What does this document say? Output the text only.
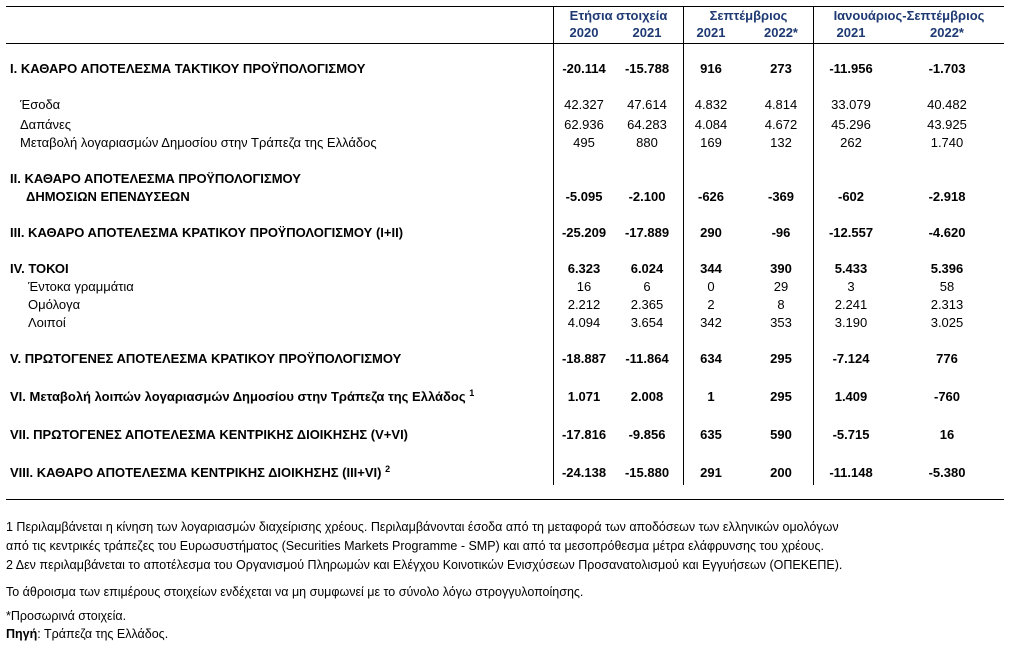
Ετήσια στοιχεία	Σεπτέμβριος	Ιανουάριος-Σεπτέμβριος
2020	2021	2021	2022*	2021	2022*
I. ΚΑΘΑΡΟ ΑΠΟΤΕΛΕΣΜΑ ΤΑΚΤΙΚΟΥ ΠΡΟΫΠΟΛΟΓΙΣΜΟΥ	-20.114	-15.788	916	273	-11.956	-1.703
Έσοδα	42.327	47.614	4.832	4.814	33.079	40.482
Δαπάνες	62.936	64.283	4.084	4.672	45.296	43.925
Μεταβολή λογαριασμών Δημοσίου στην Τράπεζα της Ελλάδος	495	880	169	132	262	1.740
II. ΚΑΘΑΡΟ ΑΠΟΤΕΛΕΣΜΑ ΠΡΟΫΠΟΛΟΓΙΣΜΟΥ
ΔΗΜΟΣΙΩΝ ΕΠΕΝΔΥΣΕΩΝ	-5.095	-2.100	-626	-369	-602	-2.918
III. ΚΑΘΑΡΟ ΑΠΟΤΕΛΕΣΜΑ ΚΡΑΤΙΚΟΥ ΠΡΟΫΠΟΛΟΓΙΣΜΟΥ (I+II)	-25.209	-17.889	290	-96	-12.557	-4.620
IV. ΤΟΚΟΙ	6.323	6.024	344	390	5.433	5.396
Έντοκα γραμμάτια	16	6	0	29	3	58
Ομόλογα	2.212	2.365	2	8	2.241	2.313
Λοιποί	4.094	3.654	342	353	3.190	3.025
V. ΠΡΩΤΟΓΕΝΕΣ ΑΠΟΤΕΛΕΣΜΑ ΚΡΑΤΙΚΟΥ ΠΡΟΫΠΟΛΟΓΙΣΜΟΥ	-18.887	-11.864	634	295	-7.124	776
VI. Μεταβολή λοιπών λογαριασμών Δημοσίου στην Τράπεζα της Ελλάδος $^1$	1.071	2.008	1	295	1.409	-760
VII. ΠΡΩΤΟΓΕΝΕΣ ΑΠΟΤΕΛΕΣΜΑ ΚΕΝΤΡΙΚΗΣ ΔΙΟΙΚΗΣΗΣ (V+VI)	-17.816	-9.856	635	590	-5.715	16
VIII. ΚΑΘΑΡΟ ΑΠΟΤΕΛΕΣΜΑ ΚΕΝΤΡΙΚΗΣ ΔΙΟΙΚΗΣΗΣ (III+VI) $^2$	-24.138	-15.880	291	200	-11.148	-5.380
1 Περιλαμβάνεται η κίνηση των λογαριασμών διαχείρισης χρέους. Περιλαμβάνονται έσοδα από τη μεταφορά των αποδόσεων των ελληνικών ομολόγων
από τις κεντρικές τράπεζες του Ευρωσυστήματος (Securities Markets Programme - SMP) και από τα μεσοπρόθεσμα μέτρα ελάφρυνσης του χρέους.
2 Δεν περιλαμβάνεται το αποτέλεσμα του Οργανισμού Πληρωμών και Ελέγχου Κοινοτικών Ενισχύσεων Προσανατολισμού και Εγγυήσεων (ΟΠΕΚΕΠΕ).
Το άθροισμα των επιμέρους στοιχείων ενδέχεται να μη συμφωνεί με το σύνολο λόγω στρογγυλοποίησης.
*Προσωρινά στοιχεία.
Πηγή: Τράπεζα της Ελλάδος.
